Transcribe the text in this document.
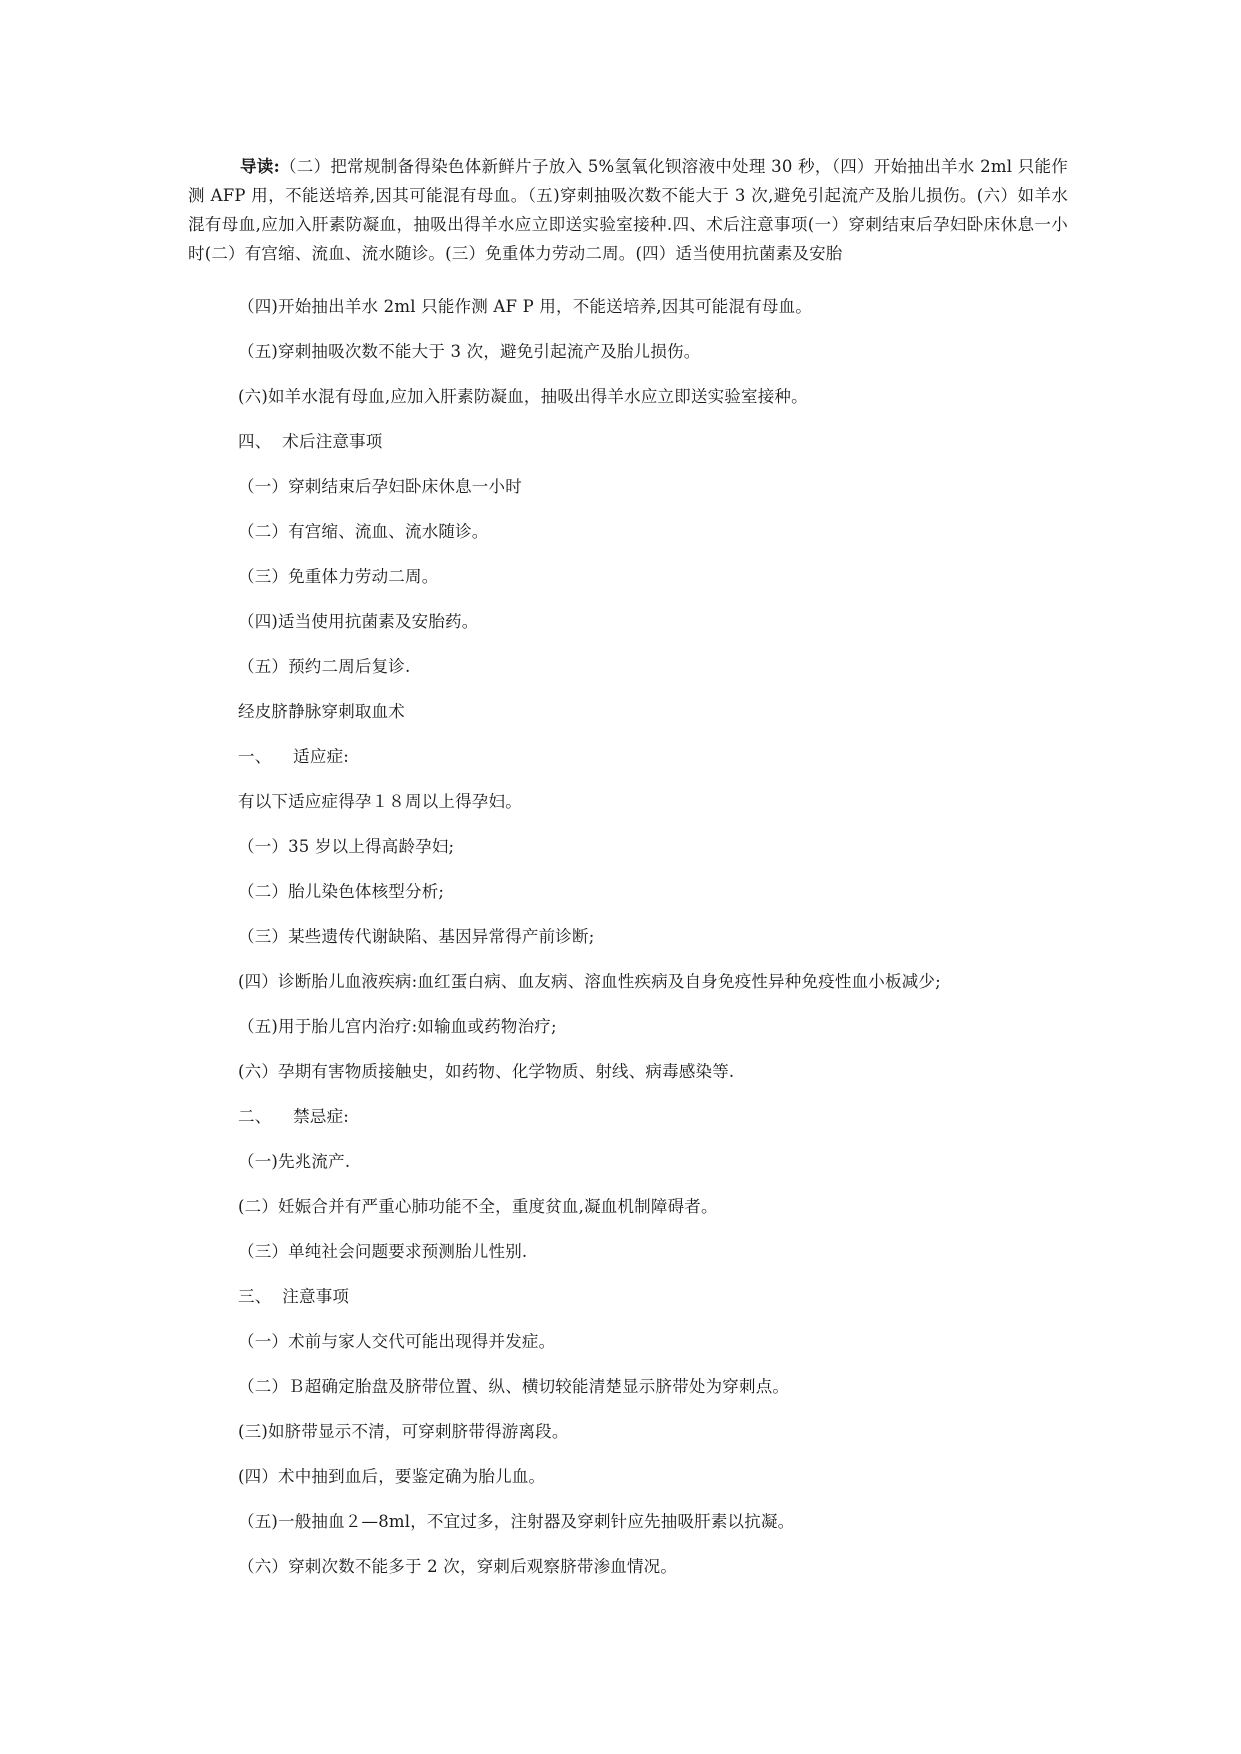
导读:（二）把常规制备得染色体新鲜片子放入 5%氢氧化钡溶液中处理 30 秒，（四）开始抽出羊水 2ml 只能作测 AFP 用，不能送培养,因其可能混有母血。（五)穿刺抽吸次数不能大于 3 次,避免引起流产及胎儿损伤。(六）如羊水混有母血,应加入肝素防凝血，抽吸出得羊水应立即送实验室接种.四、术后注意事项(一）穿刺结束后孕妇卧床休息一小时(二）有宫缩、流血、流水随诊。(三）免重体力劳动二周。(四）适当使用抗菌素及安胎

（四)开始抽出羊水 2ml 只能作测 AF P 用，不能送培养,因其可能混有母血。
（五)穿刺抽吸次数不能大于 3 次，避免引起流产及胎儿损伤。
(六)如羊水混有母血,应加入肝素防凝血，抽吸出得羊水应立即送实验室接种。
四、  术后注意事项
（一）穿刺结束后孕妇卧床休息一小时
（二）有宫缩、流血、流水随诊。
（三）免重体力劳动二周。
（四)适当使用抗菌素及安胎药。
（五）预约二周后复诊.
经皮脐静脉穿刺取血术
一、    适应症:
有以下适应症得孕１８周以上得孕妇。
（一）35 岁以上得高龄孕妇;
（二）胎儿染色体核型分析;
（三）某些遗传代谢缺陷、基因异常得产前诊断;
(四）诊断胎儿血液疾病:血红蛋白病、血友病、溶血性疾病及自身免疫性异种免疫性血小板减少;
（五)用于胎儿宫内治疗:如输血或药物治疗;
(六）孕期有害物质接触史，如药物、化学物质、射线、病毒感染等.
二、    禁忌症:
（一)先兆流产.
(二）妊娠合并有严重心肺功能不全，重度贫血,凝血机制障碍者。
（三）单纯社会问题要求预测胎儿性别.
三、  注意事项
（一）术前与家人交代可能出现得并发症。
（二）Ｂ超确定胎盘及脐带位置、纵、横切较能清楚显示脐带处为穿刺点。
(三)如脐带显示不清，可穿刺脐带得游离段。
(四）术中抽到血后，要鉴定确为胎儿血。
（五)一般抽血２—8ml，不宜过多，注射器及穿刺针应先抽吸肝素以抗凝。
（六）穿刺次数不能多于 2 次，穿刺后观察脐带渗血情况。
